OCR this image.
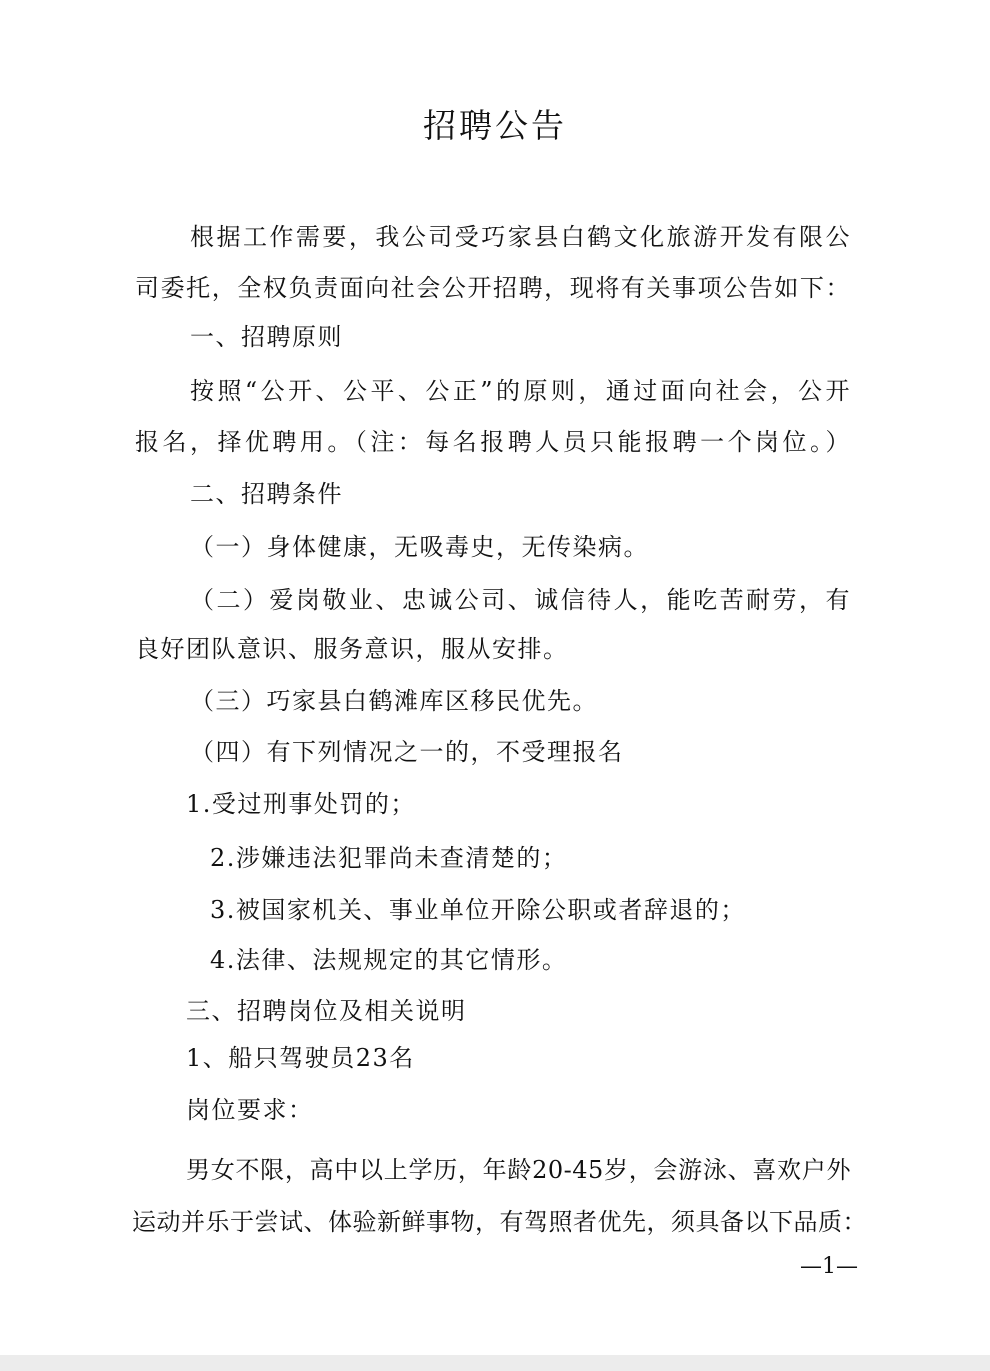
招聘公告
根据工作需要，我公司受巧家县白鹤文化旅游开发有限公
司委托，全权负责面向社会公开招聘，现将有关事项公告如下：
一、招聘原则
按照“公开、公平、公正”的原则，通过面向社会，公开
报名，择优聘用。（注：每名报聘人员只能报聘一个岗位。）
二、招聘条件
（一）身体健康，无吸毒史，无传染病。
（二）爱岗敬业、忠诚公司、诚信待人，能吃苦耐劳，有
良好团队意识、服务意识，服从安排。
（三）巧家县白鹤滩库区移民优先。
（四）有下列情况之一的，不受理报名
1.受过刑事处罚的；
2.涉嫌违法犯罪尚未查清楚的；
3.被国家机关、事业单位开除公职或者辞退的；
4.法律、法规规定的其它情形。
三、招聘岗位及相关说明
1、船只驾驶员23名
岗位要求：
男女不限，高中以上学历，年龄20-45岁，会游泳、喜欢户外
运动并乐于尝试、体验新鲜事物，有驾照者优先，须具备以下品质：
—1—
